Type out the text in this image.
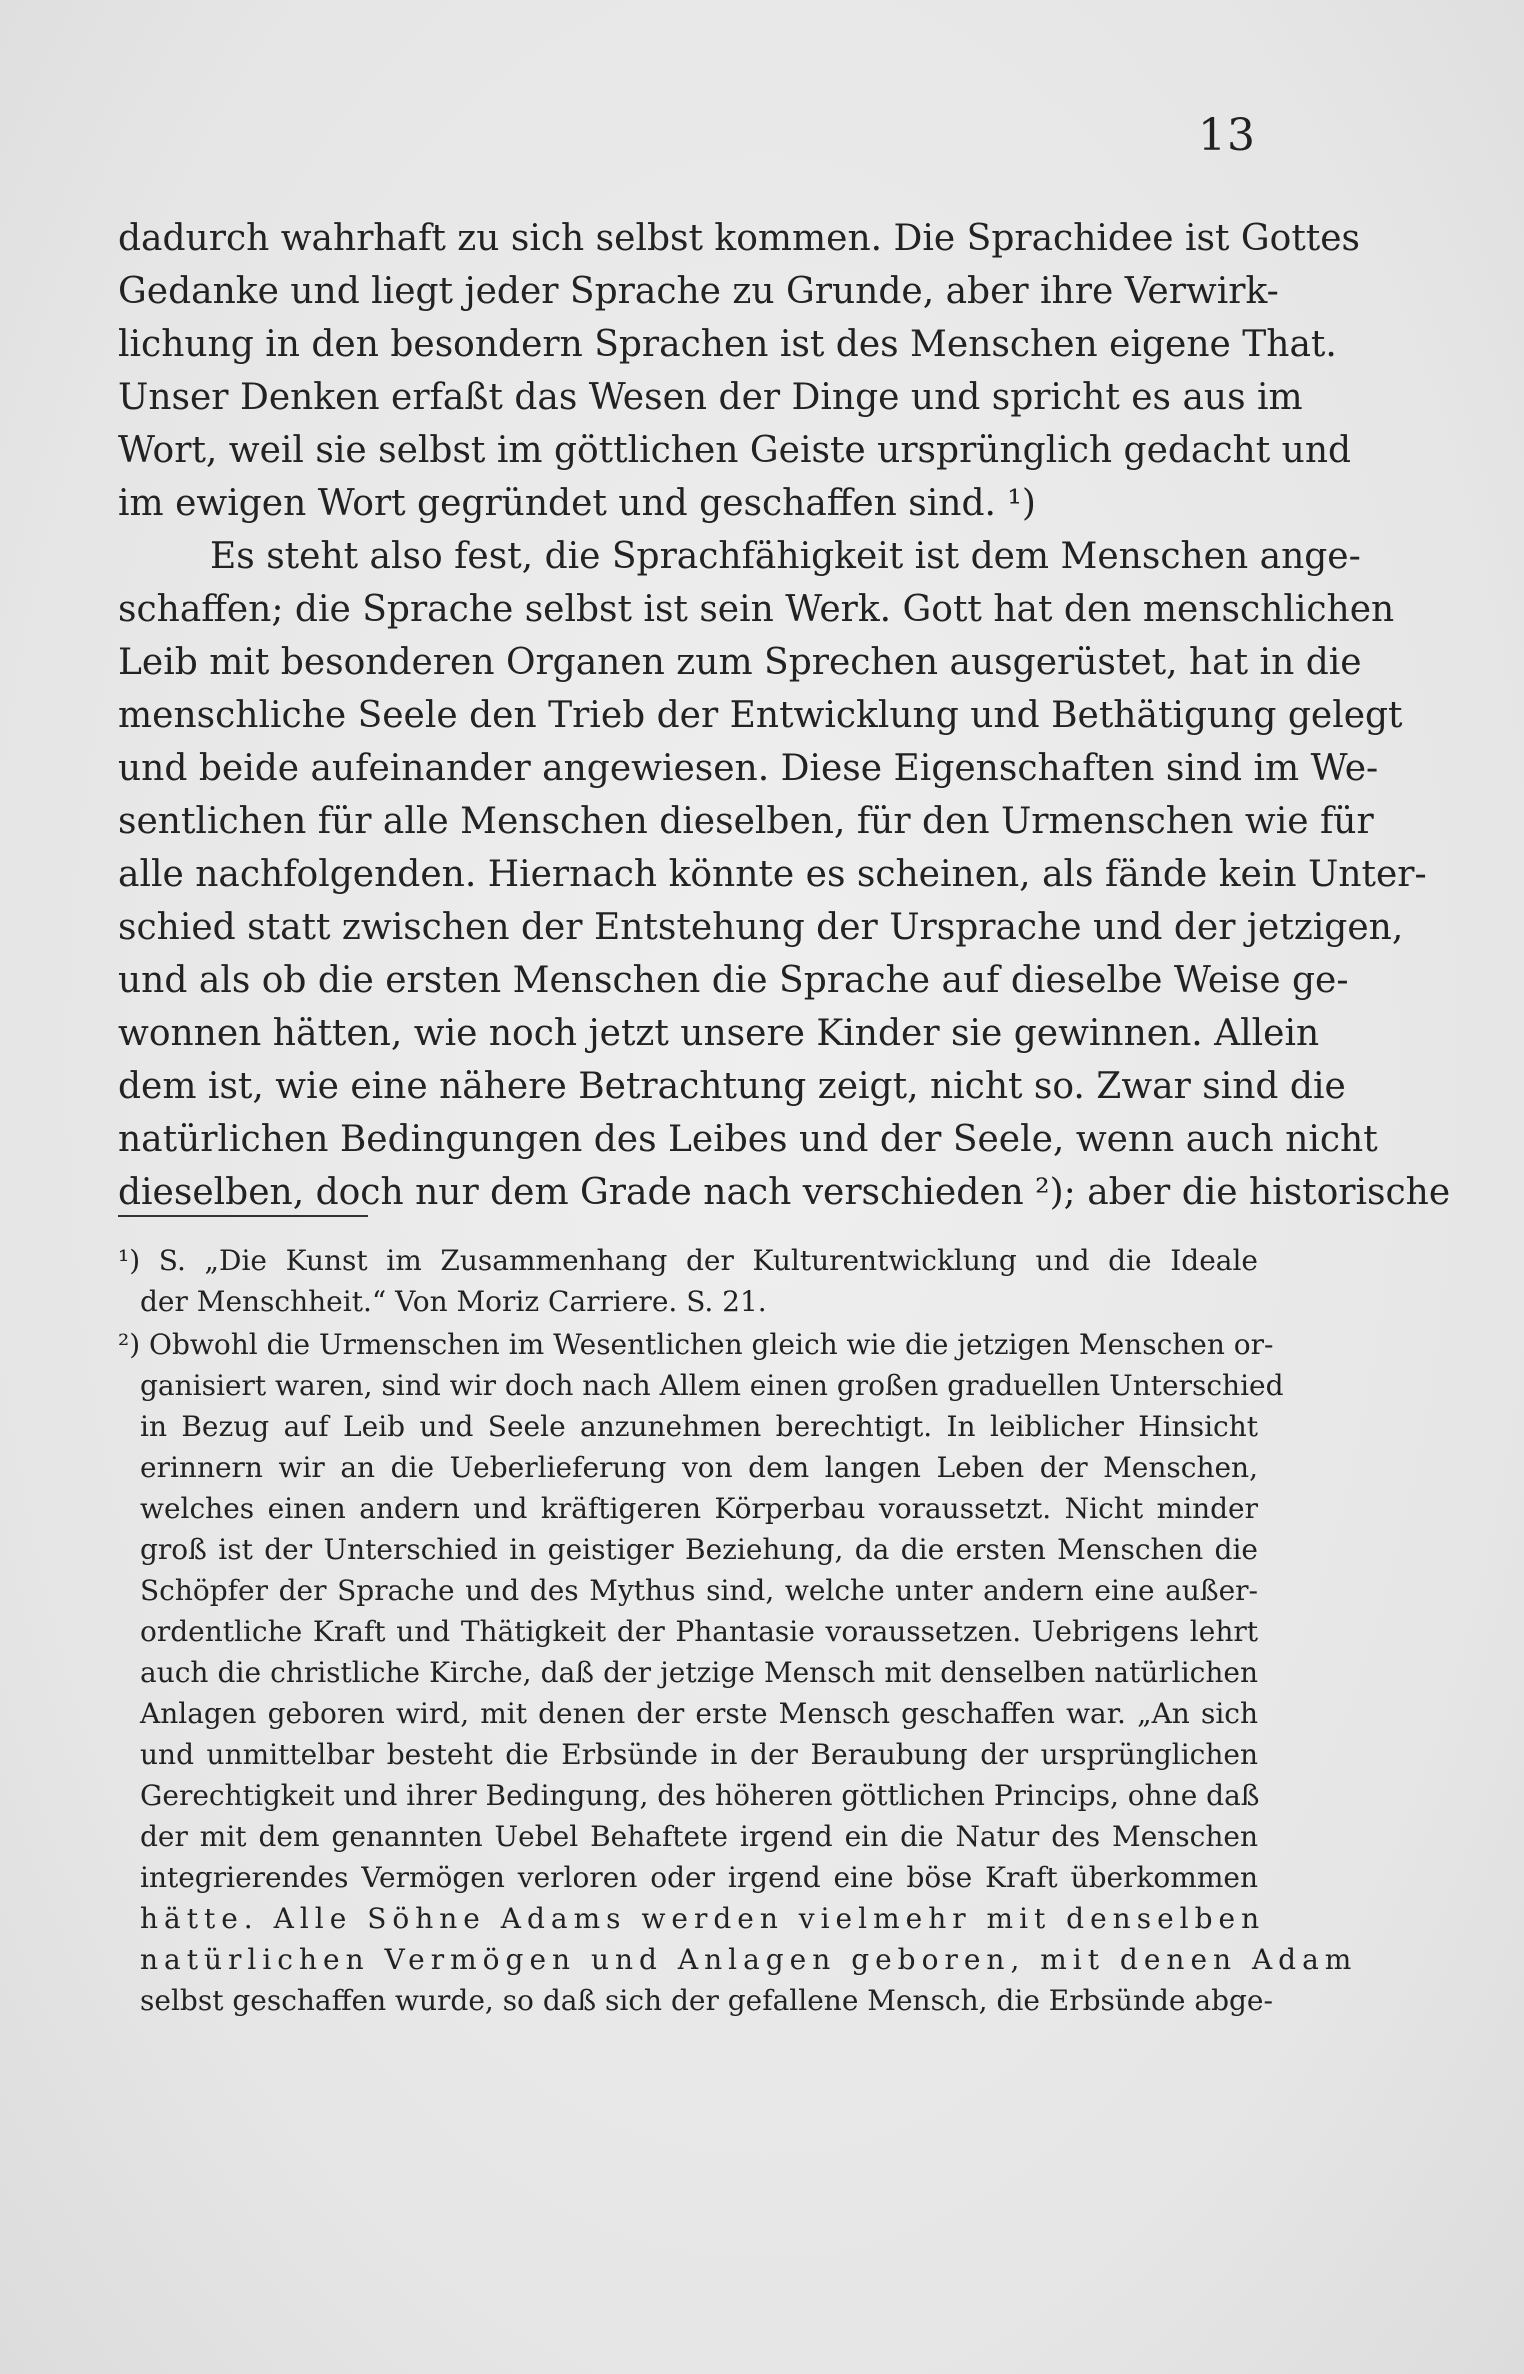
13
dadurch wahrhaft zu sich selbst kommen. Die Sprachidee ist Gottes
Gedanke und liegt jeder Sprache zu Grunde, aber ihre Verwirk-
lichung in den besondern Sprachen ist des Menschen eigene That.
Unser Denken erfaßt das Wesen der Dinge und spricht es aus im
Wort, weil sie selbst im göttlichen Geiste ursprünglich gedacht und
im ewigen Wort gegründet und geschaffen sind. ¹)
Es steht also fest, die Sprachfähigkeit ist dem Menschen ange-
schaffen; die Sprache selbst ist sein Werk. Gott hat den menschlichen
Leib mit besonderen Organen zum Sprechen ausgerüstet, hat in die
menschliche Seele den Trieb der Entwicklung und Bethätigung gelegt
und beide aufeinander angewiesen. Diese Eigenschaften sind im We-
sentlichen für alle Menschen dieselben, für den Urmenschen wie für
alle nachfolgenden. Hiernach könnte es scheinen, als fände kein Unter-
schied statt zwischen der Entstehung der Ursprache und der jetzigen,
und als ob die ersten Menschen die Sprache auf dieselbe Weise ge-
wonnen hätten, wie noch jetzt unsere Kinder sie gewinnen. Allein
dem ist, wie eine nähere Betrachtung zeigt, nicht so. Zwar sind die
natürlichen Bedingungen des Leibes und der Seele, wenn auch nicht
dieselben, doch nur dem Grade nach verschieden ²); aber die historische
¹) S. „Die Kunst im Zusammenhang der Kulturentwicklung und die Ideale
der Menschheit.“ Von Moriz Carriere. S. 21.
²) Obwohl die Urmenschen im Wesentlichen gleich wie die jetzigen Menschen or-
ganisiert waren, sind wir doch nach Allem einen großen graduellen Unterschied
in Bezug auf Leib und Seele anzunehmen berechtigt. In leiblicher Hinsicht
erinnern wir an die Ueberlieferung von dem langen Leben der Menschen,
welches einen andern und kräftigeren Körperbau voraussetzt. Nicht minder
groß ist der Unterschied in geistiger Beziehung, da die ersten Menschen die
Schöpfer der Sprache und des Mythus sind, welche unter andern eine außer-
ordentliche Kraft und Thätigkeit der Phantasie voraussetzen. Uebrigens lehrt
auch die christliche Kirche, daß der jetzige Mensch mit denselben natürlichen
Anlagen geboren wird, mit denen der erste Mensch geschaffen war. „An sich
und unmittelbar besteht die Erbsünde in der Beraubung der ursprünglichen
Gerechtigkeit und ihrer Bedingung, des höheren göttlichen Princips, ohne daß
der mit dem genannten Uebel Behaftete irgend ein die Natur des Menschen
integrierendes Vermögen verloren oder irgend eine böse Kraft überkommen
hätte. Alle Söhne Adams werden vielmehr mit denselben
natürlichen Vermögen und Anlagen geboren, mit denen Adam
selbst geschaffen wurde, so daß sich der gefallene Mensch, die Erbsünde abge-
